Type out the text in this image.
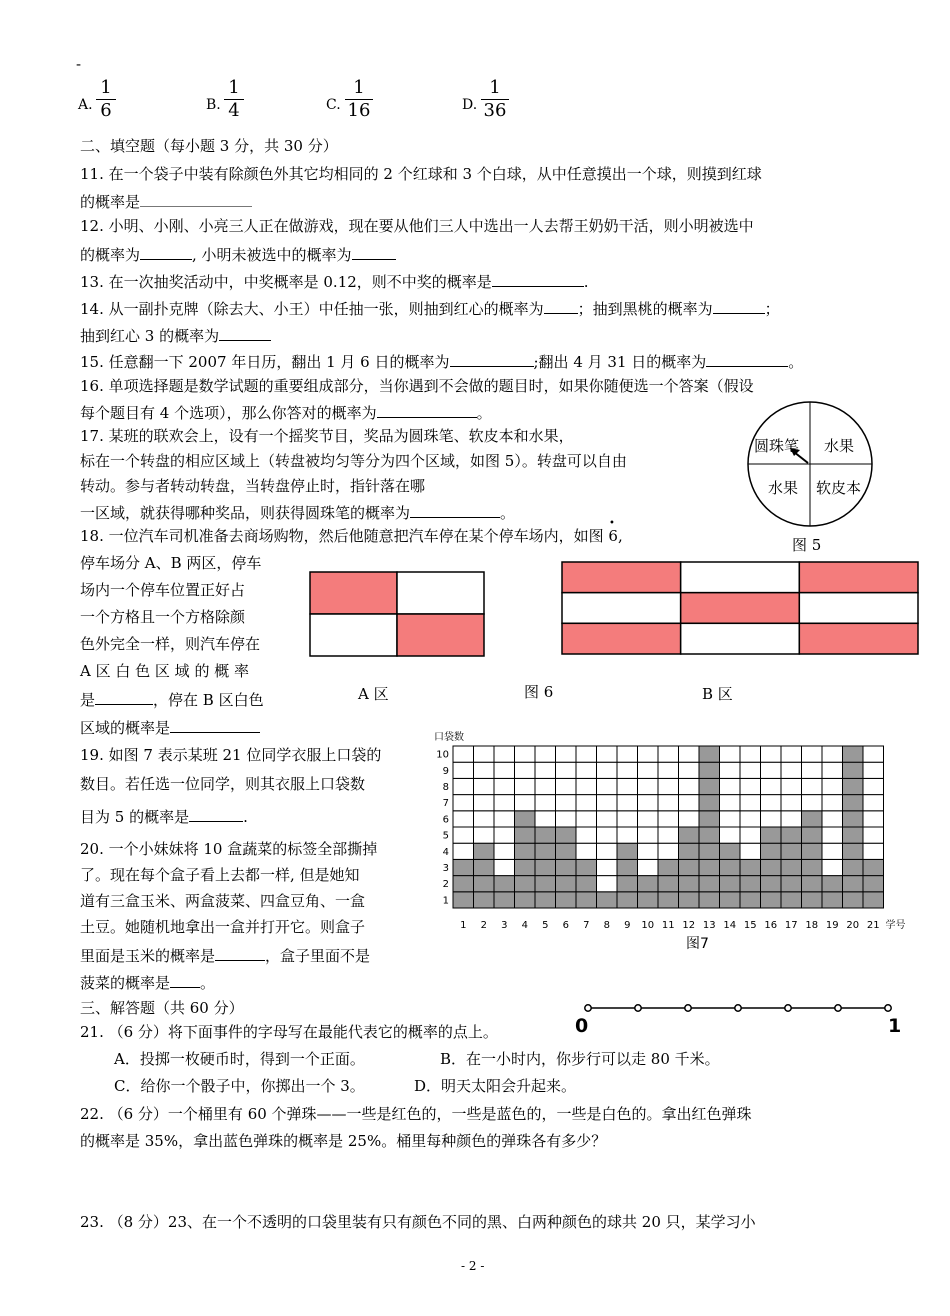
-
A.
1
6	B.
1
4	C.
1
16	D.
1
36
二、填空题（每小题 3 分，共 30 分）
11. 在一个袋子中装有除颜色外其它均相同的 2 个红球和 3 个白球，从中任意摸出一个球，则摸到红球
的概率是
12. 小明、小刚、小亮三人正在做游戏，现在要从他们三人中选出一人去帮王奶奶干活，则小明被选中
的概率为	, 小明未被选中的概率为
13. 在一次抽奖活动中，中奖概率是 0.12，则不中奖的概率是	.
14. 从一副扑克牌（除去大、小王）中任抽一张，则抽到红心的概率为 ；抽到黑桃的概率为	；
抽到红心 3 的概率为
15. 任意翻一下 2007 年日历，翻出 1 月 6 日的概率为	;翻出 4 月 31 日的概率为	。
16. 单项选择题是数学试题的重要组成部分，当你遇到不会做的题目时，如果你随便选一个答案（假设
每个题目有 4 个选项），那么你答对的概率为	。
17. 某班的联欢会上，设有一个摇奖节目，奖品为圆珠笔、软皮本和水果，
标在一个转盘的相应区域上（转盘被均匀等分为四个区域，如图 5）。转盘可以自由
转动。参与者转动转盘，当转盘停止时，指针落在哪
一区域，就获得哪种奖品，则获得圆珠笔的概率为	。
圆珠笔 水果
水果 软皮本
图 5
18. 一位汽车司机准备去商场购物，然后他随意把汽车停在某个停车场内，如图 6,
•
停车场分 A、B 两区，停车
场内一个停车位置正好占
一个方格且一个方格除颜
色外完全一样，则汽车停在
A 区 白 色 区 域 的 概 率
是	，停在 B 区白色
区域的概率是
A 区	图 6	B 区
19. 如图 7 表示某班 21 位同学衣服上口袋的
数目。若任选一位同学，则其衣服上口袋数
目为 5 的概率是	.
20. 一个小妹妹将 10 盒蔬菜的标签全部撕掉
了。现在每个盒子看上去都一样, 但是她知
道有三盒玉米、两盒菠菜、四盒豆角、一盒
土豆。她随机地拿出一盒并打开它。则盒子
里面是玉米的概率是	，盒子里面不是
菠菜的概率是 。
口袋数
1 2 3 4 5 6 7 8 9 10 11 12 13 14 15 16 17 18 19 20 21
1
2
3
4
5
6
7
8
9
10
学号
图7
三、解答题（共 60 分）
21. （6 分）将下面事件的字母写在最能代表它的概率的点上。	0	1
A．投掷一枚硬币时，得到一个正面。	B．在一小时内，你步行可以走 80 千米。
C．给你一个骰子中，你掷出一个 3。	D．明天太阳会升起来。
22. （6 分）一个桶里有 60 个弹珠——一些是红色的，一些是蓝色的，一些是白色的。拿出红色弹珠
的概率是 35%，拿出蓝色弹珠的概率是 25%。桶里每种颜色的弹珠各有多少？
23. （8 分）23、在一个不透明的口袋里装有只有颜色不同的黑、白两种颜色的球共 20 只，某学习小
- 2 -
